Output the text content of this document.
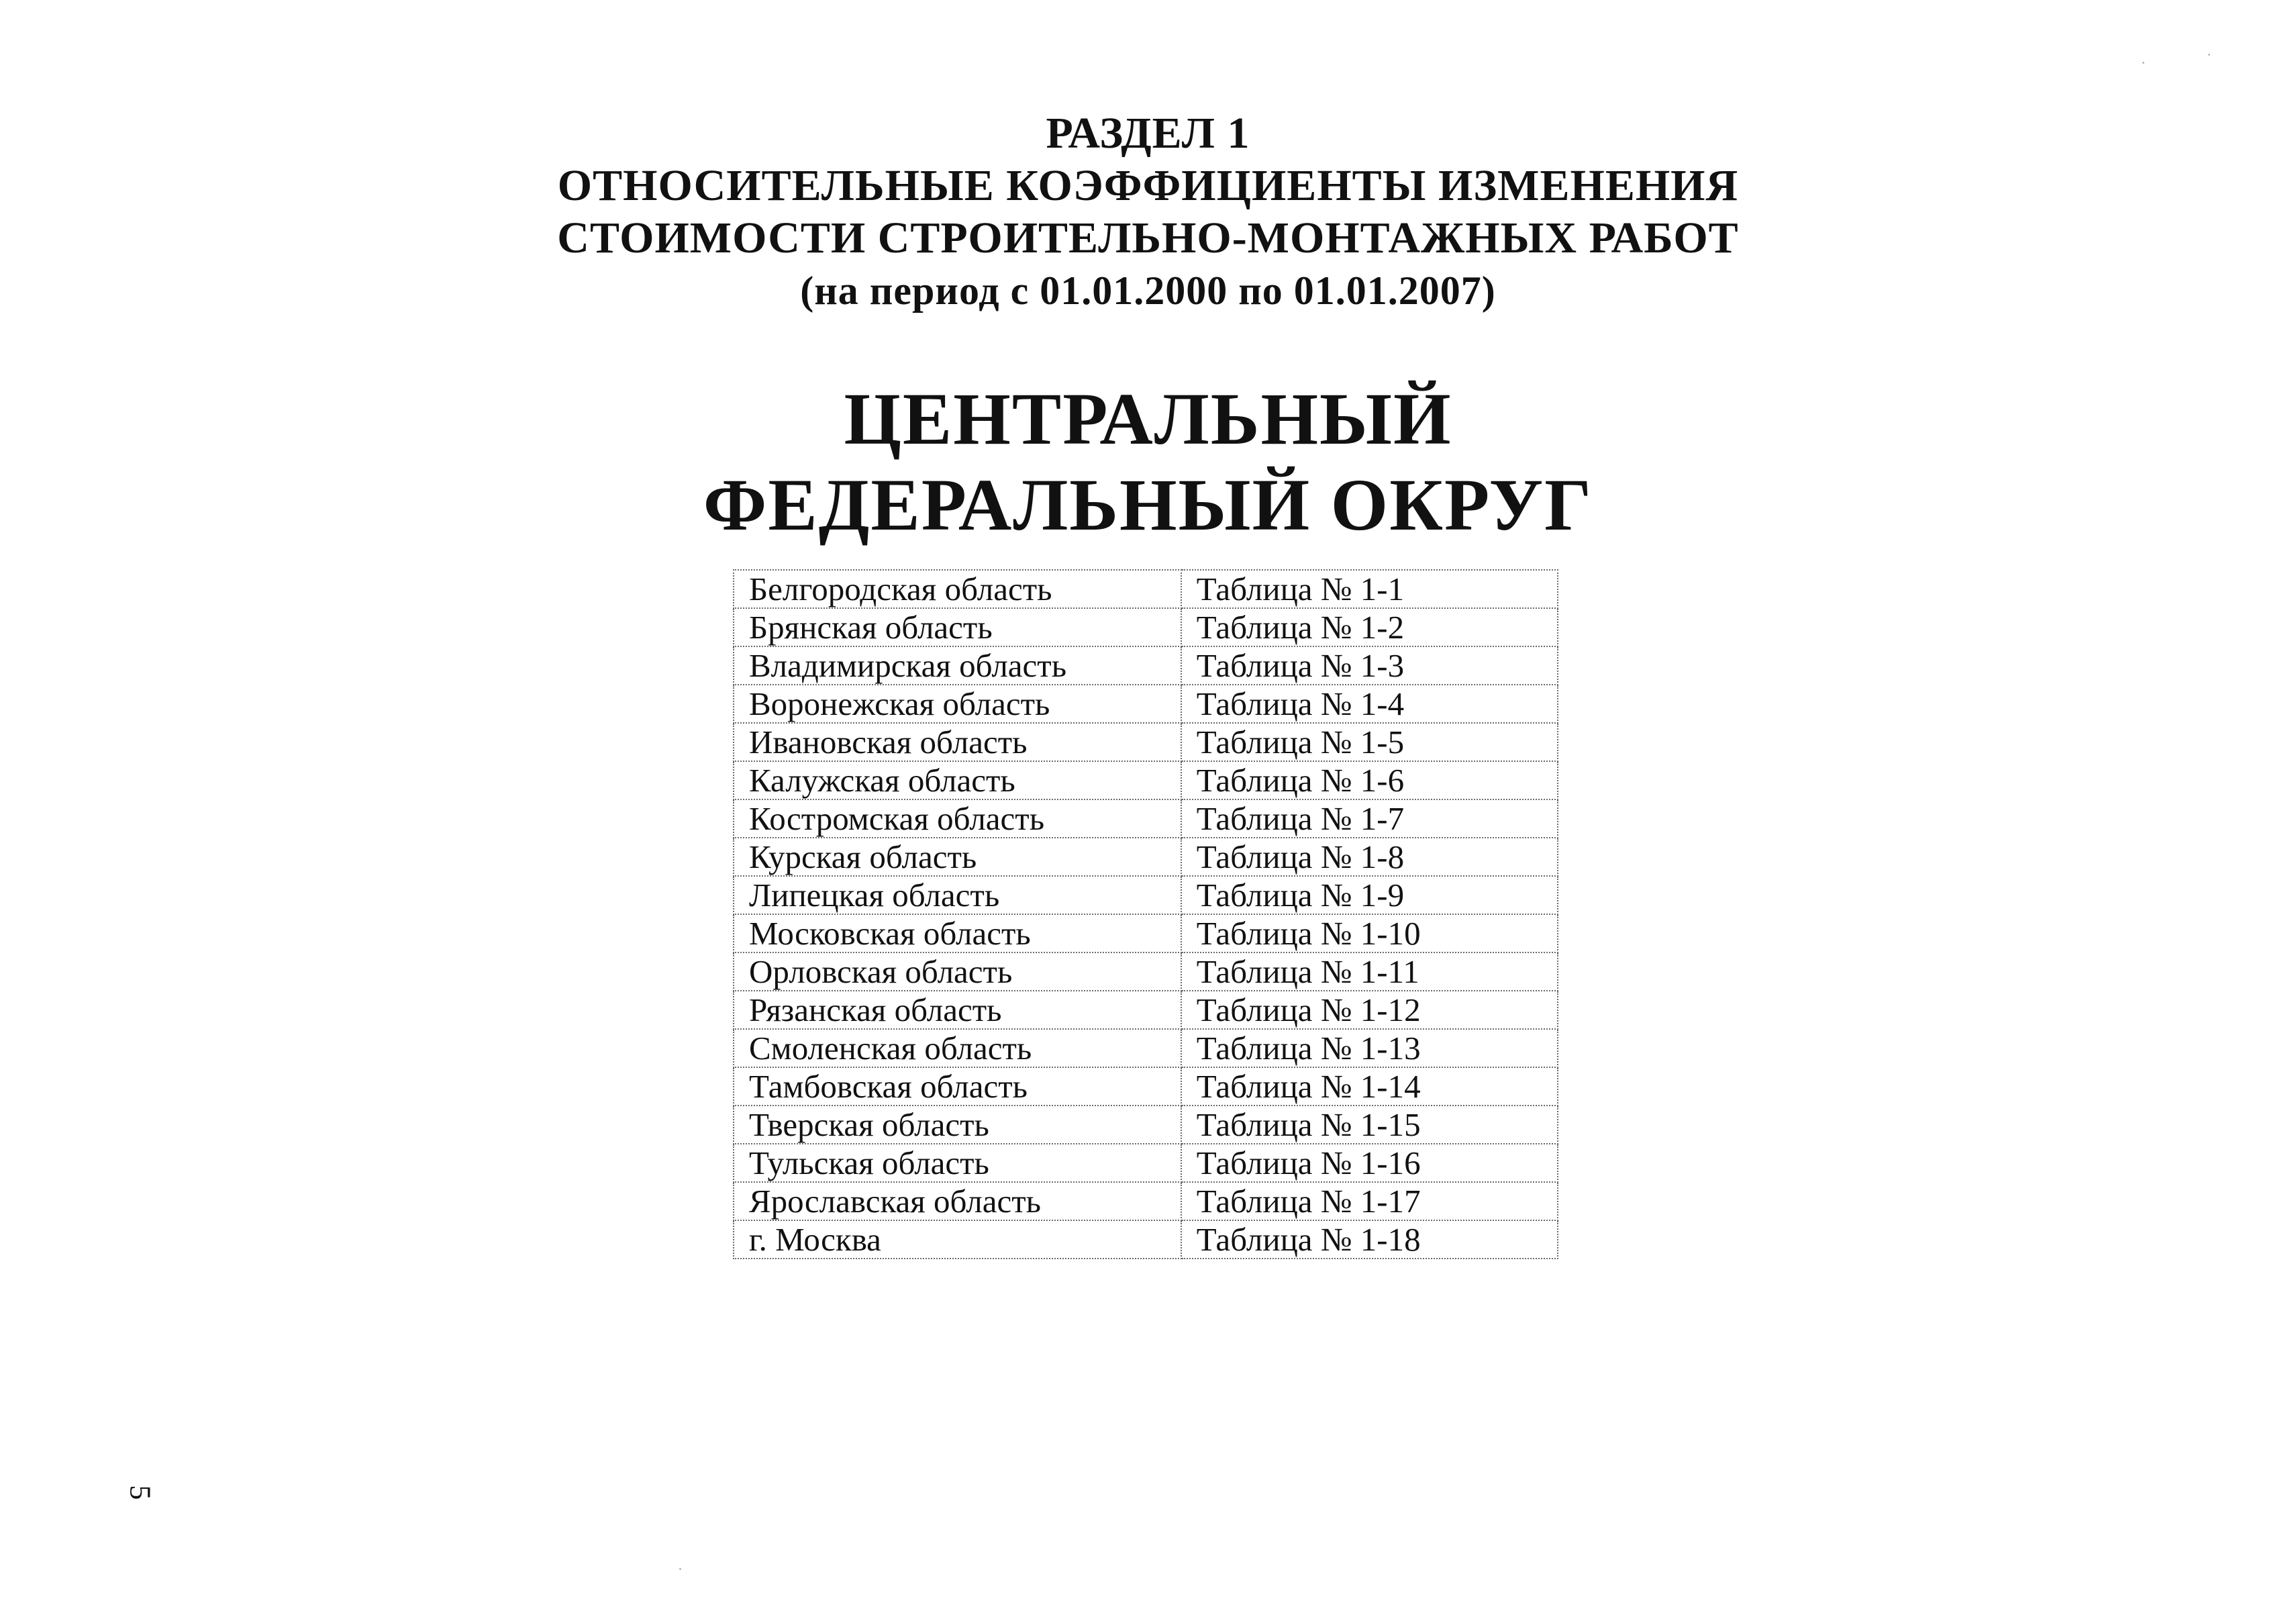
РАЗДЕЛ 1
ОТНОСИТЕЛЬНЫЕ КОЭФФИЦИЕНТЫ ИЗМЕНЕНИЯ
СТОИМОСТИ СТРОИТЕЛЬНО-МОНТАЖНЫХ РАБОТ
(на период с 01.01.2000 по 01.01.2007)
ЦЕНТРАЛЬНЫЙ
ФЕДЕРАЛЬНЫЙ ОКРУГ
Белгородская область	Таблица № 1-1
Брянская область	Таблица № 1-2
Владимирская область	Таблица № 1-3
Воронежская область	Таблица № 1-4
Ивановская область	Таблица № 1-5
Калужская область	Таблица № 1-6
Костромская область	Таблица № 1-7
Курская область	Таблица № 1-8
Липецкая область	Таблица № 1-9
Московская область	Таблица № 1-10
Орловская область	Таблица № 1-11
Рязанская область	Таблица № 1-12
Смоленская область	Таблица № 1-13
Тамбовская область	Таблица № 1-14
Тверская область	Таблица № 1-15
Тульская область	Таблица № 1-16
Ярославская область	Таблица № 1-17
г. Москва	Таблица № 1-18
5
